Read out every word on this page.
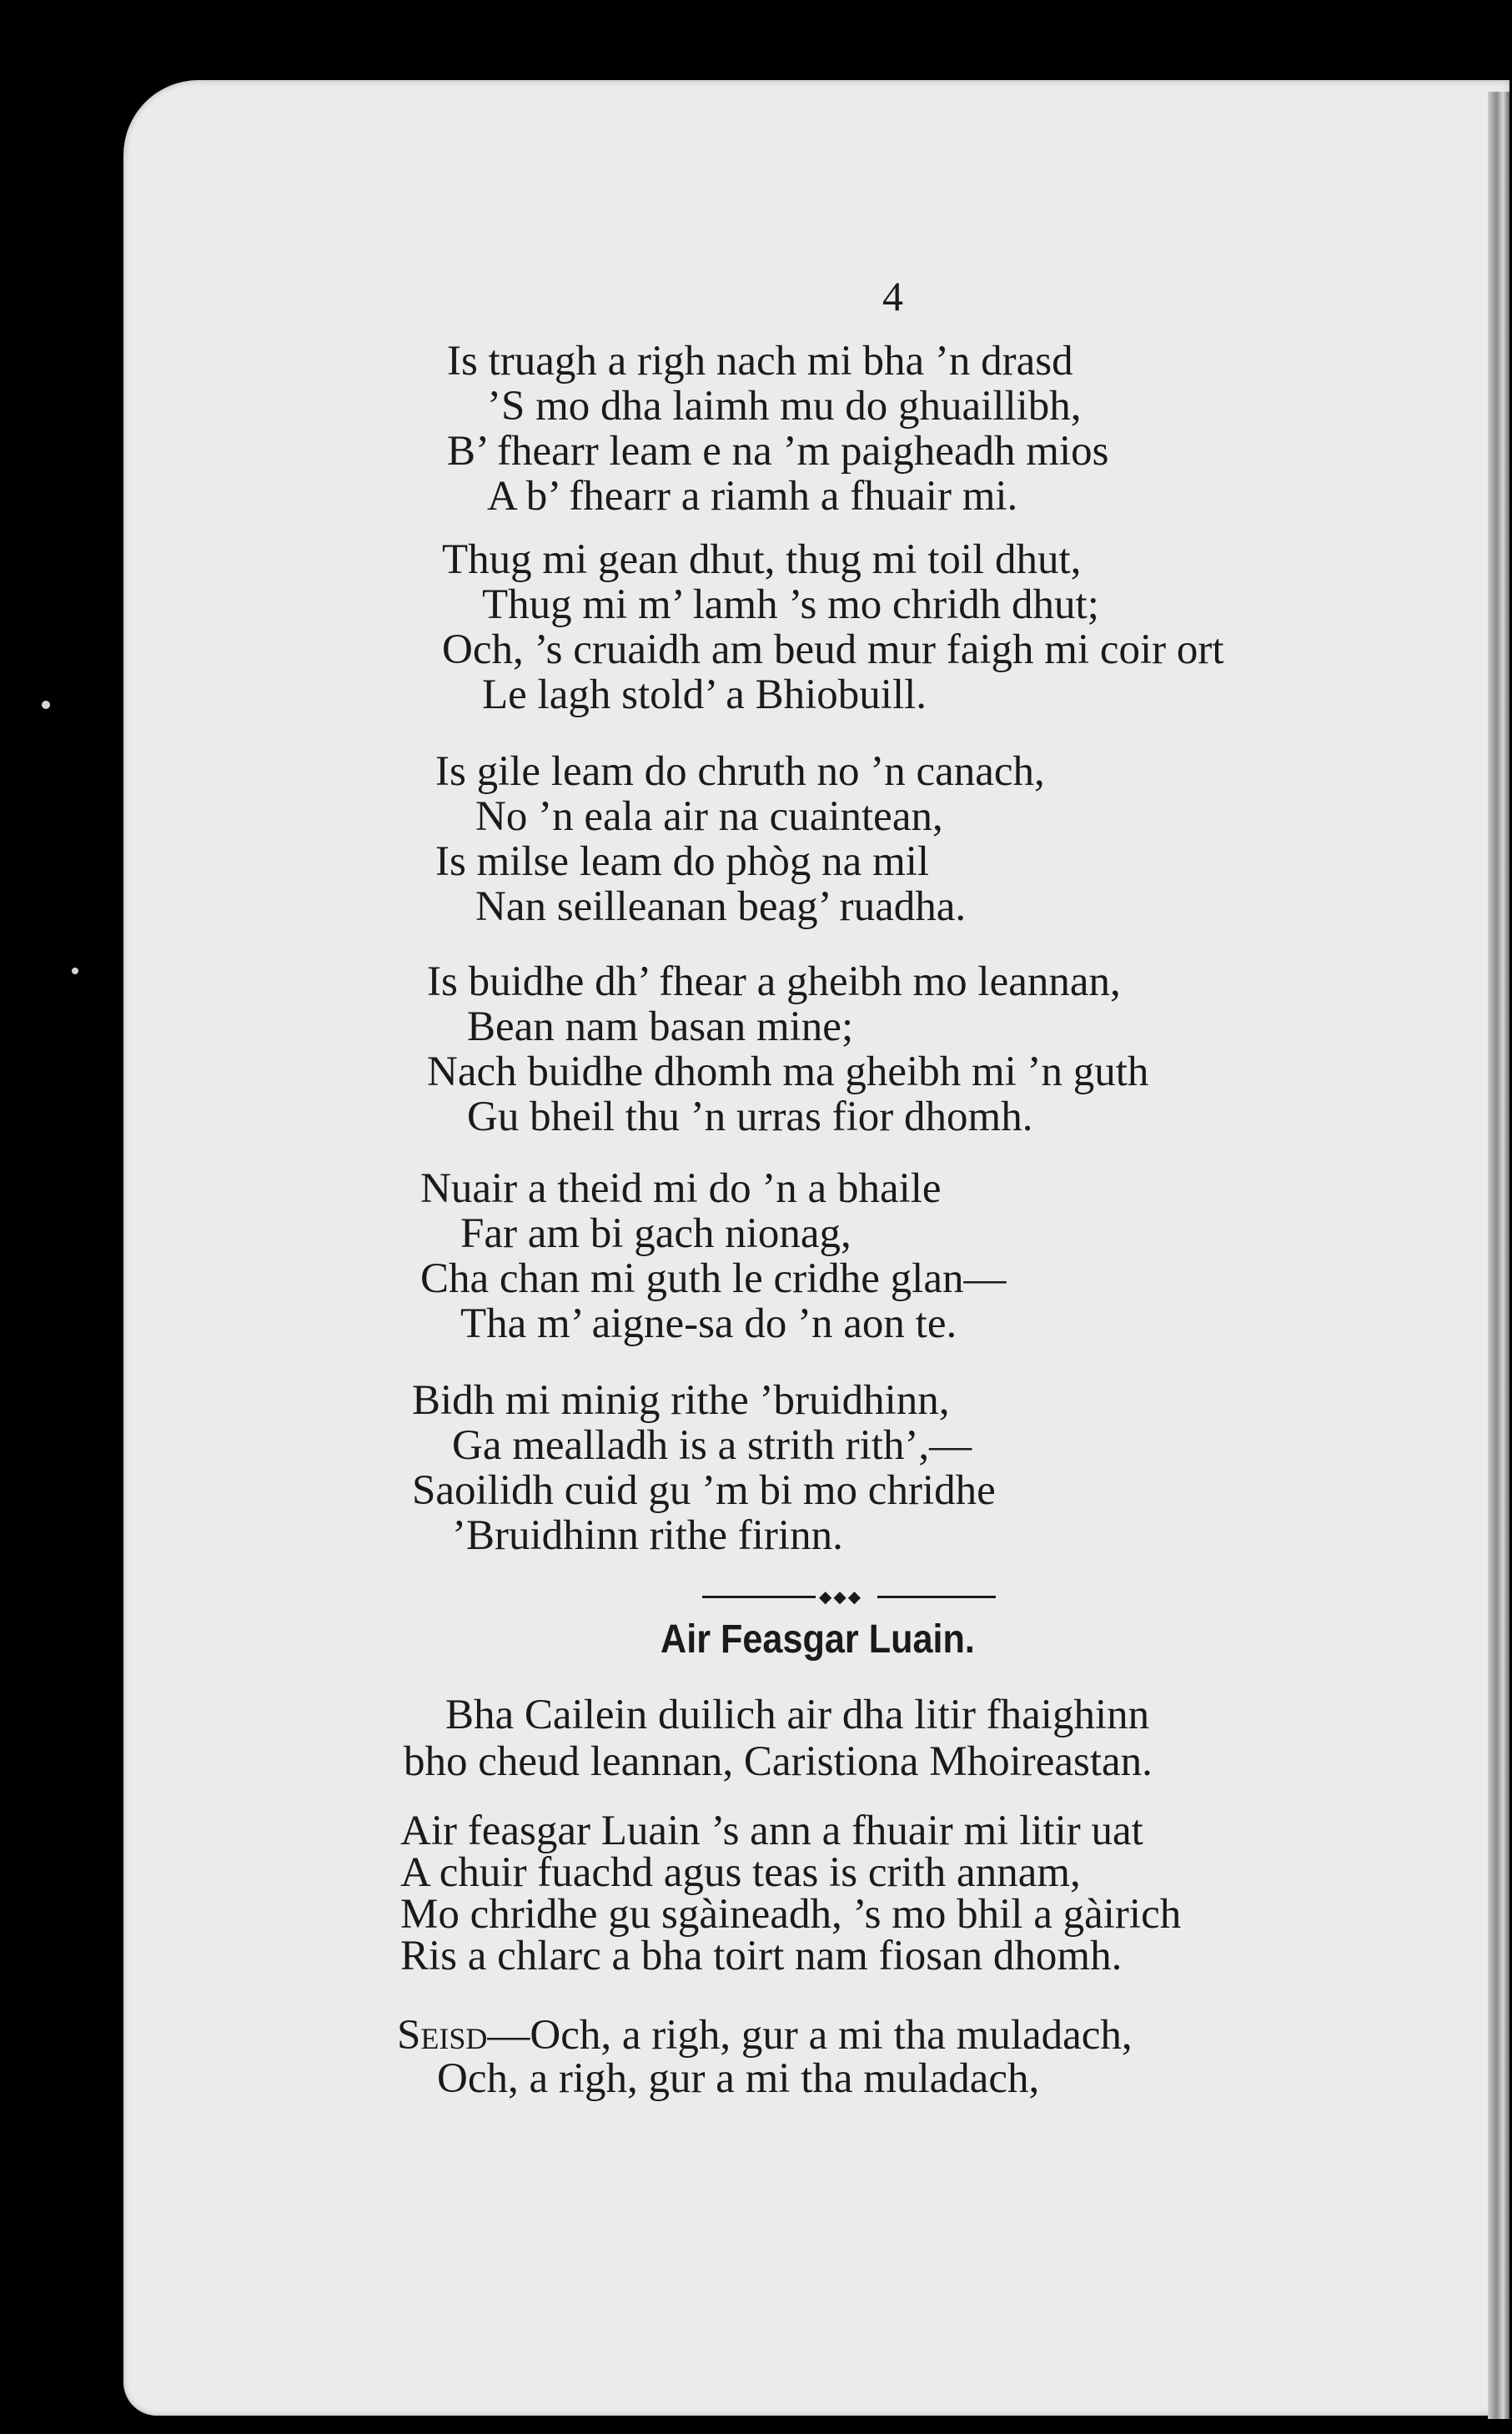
4
Is truagh a righ nach mi bha ’n drasd
’S mo dha laimh mu do ghuaillibh,
B’ fhearr leam e na ’m paigheadh mios
A b’ fhearr a riamh a fhuair mi.
Thug mi gean dhut, thug mi toil dhut,
Thug mi m’ lamh ’s mo chridh dhut;
Och, ’s cruaidh am beud mur faigh mi coir ort
Le lagh stold’ a Bhiobuill.
Is gile leam do chruth no ’n canach,
No ’n eala air na cuaintean,
Is milse leam do phòg na mil
Nan seilleanan beag’ ruadha.
Is buidhe dh’ fhear a gheibh mo leannan,
Bean nam basan mine;
Nach buidhe dhomh ma gheibh mi ’n guth
Gu bheil thu ’n urras fior dhomh.
Nuair a theid mi do ’n a bhaile
Far am bi gach nionag,
Cha chan mi guth le cridhe glan—
Tha m’ aigne-sa do ’n aon te.
Bidh mi minig rithe ’bruidhinn,
Ga mealladh is a strith rith’,—
Saoilidh cuid gu ’m bi mo chridhe
’Bruidhinn rithe firinn.
◆◆◆
Air Feasgar Luain.
Bha Cailein duilich air dha litir fhaighinn
bho cheud leannan, Caristiona Mhoireastan.
Air feasgar Luain ’s ann a fhuair mi litir uat
A chuir fuachd agus teas is crith annam,
Mo chridhe gu sgàineadh, ’s mo bhil a gàirich
Ris a chlarc a bha toirt nam fiosan dhomh.
Seisd—Och, a righ, gur a mi tha muladach,
Och, a righ, gur a mi tha muladach,
